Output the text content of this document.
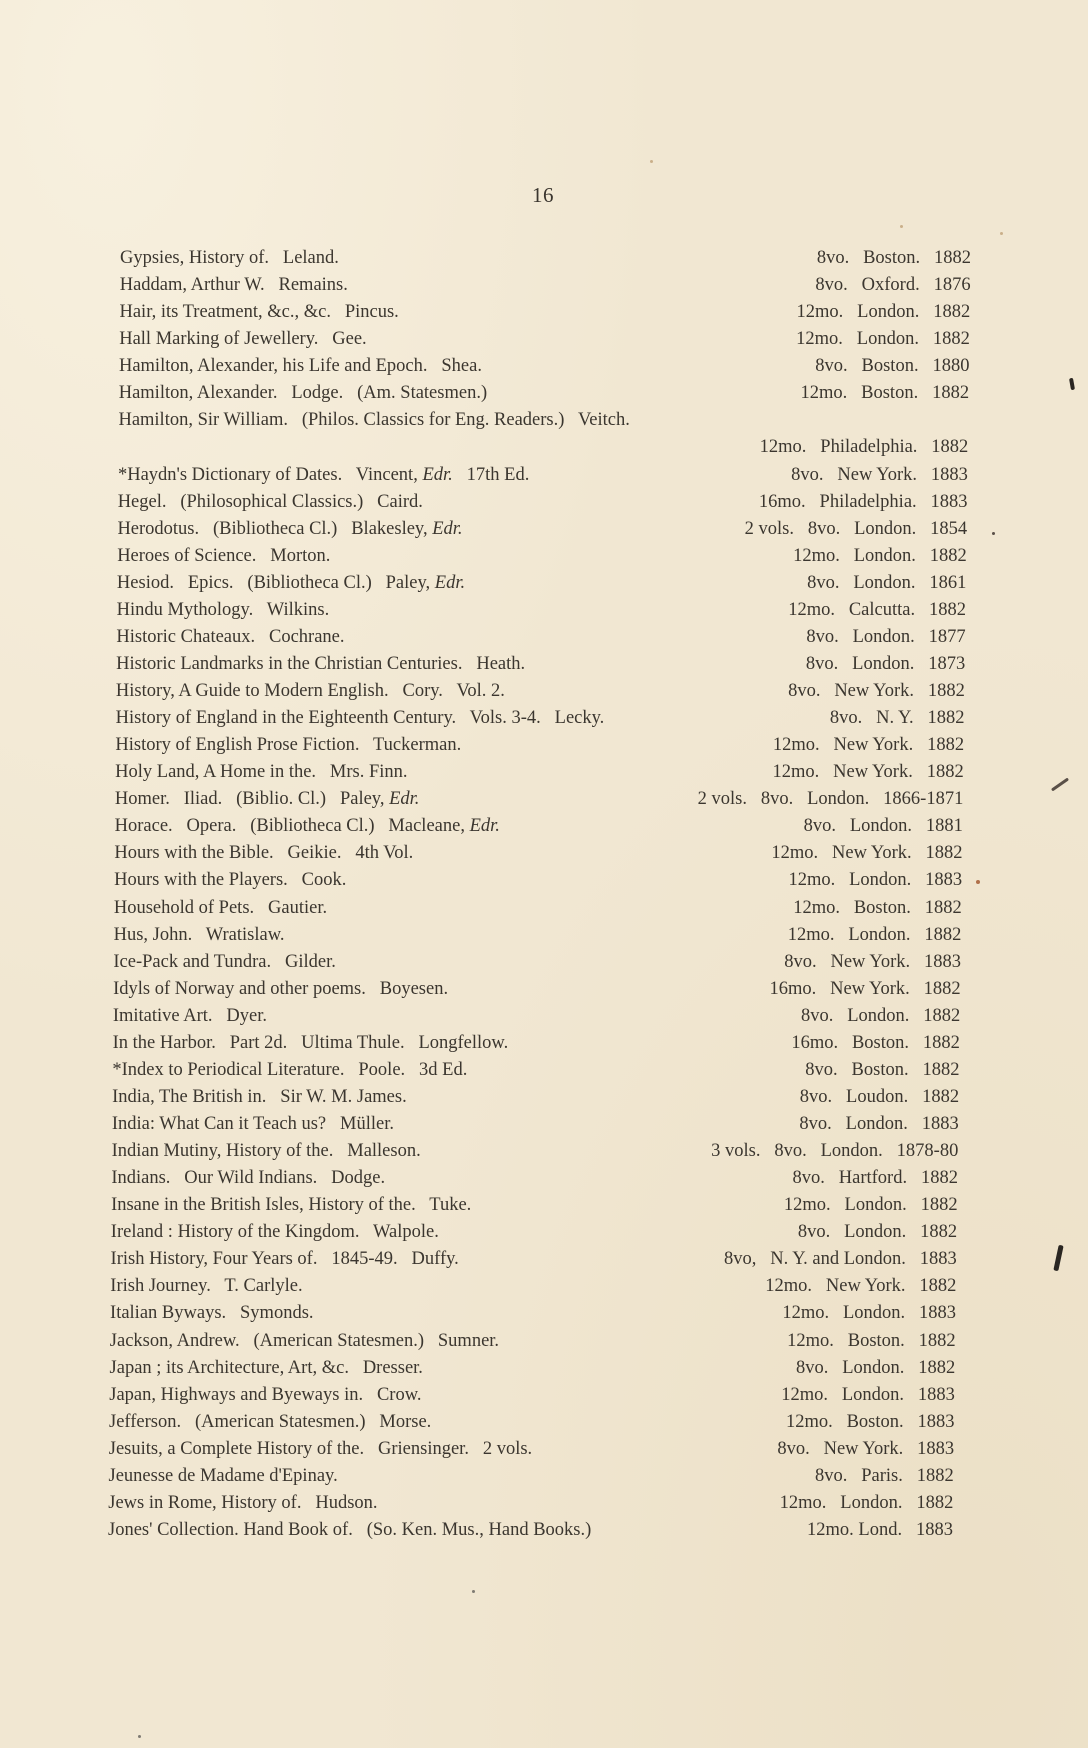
16
Gypsies, History of.   Leland.	8vo.   Boston.   1882
Haddam, Arthur W.   Remains.	8vo.   Oxford.   1876
Hair, its Treatment, &c., &c.   Pincus.	12mo.   London.   1882
Hall Marking of Jewellery.   Gee.	12mo.   London.   1882
Hamilton, Alexander, his Life and Epoch.   Shea.	8vo.   Boston.   1880
Hamilton, Alexander.   Lodge.   (Am. Statesmen.)	12mo.   Boston.   1882
Hamilton, Sir William.   (Philos. Classics for Eng. Readers.)   Veitch.
12mo.   Philadelphia.   1882
*Haydn's Dictionary of Dates.   Vincent, Edr.   17th Ed.	8vo.   New York.   1883
Hegel.   (Philosophical Classics.)   Caird.	16mo.   Philadelphia.   1883
Herodotus.   (Bibliotheca Cl.)   Blakesley, Edr.	2 vols.   8vo.   London.   1854
Heroes of Science.   Morton.	12mo.   London.   1882
Hesiod.   Epics.   (Bibliotheca Cl.)   Paley, Edr.	8vo.   London.   1861
Hindu Mythology.   Wilkins.	12mo.   Calcutta.   1882
Historic Chateaux.   Cochrane.	8vo.   London.   1877
Historic Landmarks in the Christian Centuries.   Heath.	8vo.   London.   1873
History, A Guide to Modern English.   Cory.   Vol. 2.	8vo.   New York.   1882
History of England in the Eighteenth Century.   Vols. 3-4.   Lecky.	8vo.   N. Y.   1882
History of English Prose Fiction.   Tuckerman.	12mo.   New York.   1882
Holy Land, A Home in the.   Mrs. Finn.	12mo.   New York.   1882
Homer.   Iliad.   (Biblio. Cl.)   Paley, Edr.	2 vols.   8vo.   London.   1866-1871
Horace.   Opera.   (Bibliotheca Cl.)   Macleane, Edr.	8vo.   London.   1881
Hours with the Bible.   Geikie.   4th Vol.	12mo.   New York.   1882
Hours with the Players.   Cook.	12mo.   London.   1883
Household of Pets.   Gautier.	12mo.   Boston.   1882
Hus, John.   Wratislaw.	12mo.   London.   1882
Ice-Pack and Tundra.   Gilder.	8vo.   New York.   1883
Idyls of Norway and other poems.   Boyesen.	16mo.   New York.   1882
Imitative Art.   Dyer.	8vo.   London.   1882
In the Harbor.   Part 2d.   Ultima Thule.   Longfellow.	16mo.   Boston.   1882
*Index to Periodical Literature.   Poole.   3d Ed.	8vo.   Boston.   1882
India, The British in.   Sir W. M. James.	8vo.   Loudon.   1882
India: What Can it Teach us?   Müller.	8vo.   London.   1883
Indian Mutiny, History of the.   Malleson.	3 vols.   8vo.   London.   1878-80
Indians.   Our Wild Indians.   Dodge.	8vo.   Hartford.   1882
Insane in the British Isles, History of the.   Tuke.	12mo.   London.   1882
Ireland : History of the Kingdom.   Walpole.	8vo.   London.   1882
Irish History, Four Years of.   1845-49.   Duffy.	8vo,   N. Y. and London.   1883
Irish Journey.   T. Carlyle.	12mo.   New York.   1882
Italian Byways.   Symonds.	12mo.   London.   1883
Jackson, Andrew.   (American Statesmen.)   Sumner.	12mo.   Boston.   1882
Japan ; its Architecture, Art, &c.   Dresser.	8vo.   London.   1882
Japan, Highways and Byeways in.   Crow.	12mo.   London.   1883
Jefferson.   (American Statesmen.)   Morse.	12mo.   Boston.   1883
Jesuits, a Complete History of the.   Griensinger.   2 vols.	8vo.   New York.   1883
Jeunesse de Madame d'Epinay.	8vo.   Paris.   1882
Jews in Rome, History of.   Hudson.	12mo.   London.   1882
Jones' Collection. Hand Book of.   (So. Ken. Mus., Hand Books.)	12mo. Lond.   1883
